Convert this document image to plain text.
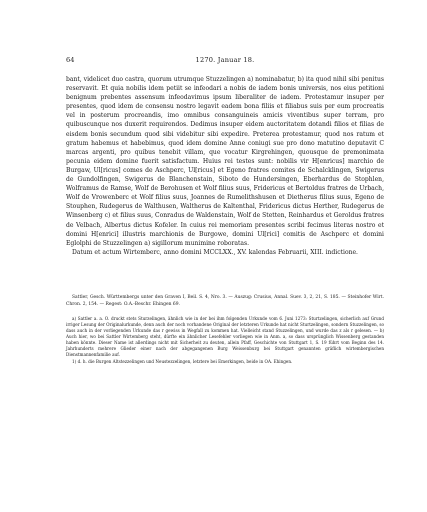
64	1270. Januar 18.

bant, videlicet duo castra, quorum utrumque Stuzzelingen a) nominabatur, b) ita quod nihil sibi penitus reservavit. Et quia nobilis idem petiit se infeodari a nobis de iadem bonis universis, nos eius petitioni benignum prebentes assensum infeodavimus ipsum liberaliter de iadem. Protestamur insuper per presentes, quod idem de consensu nostro legavit eadem bona filiis et filiabus suis per eum procreatis vel in posterum procreandis, imo omnibus consanguineis amicis viventibus super terram, pro quibuscunque nos duxerit requirendos. Dedimus insuper eidem auctoritatem dotandi filios et filias de eisdem bonis secundum quod sibi videbitur sibi expedire. Preterea protestamur, quod nos ratum et gratum habemus et habebimus, quod idem domine Anne coniugi sue pro dono matutino deputavit C marcas argenti, pro quibus tenebit villam, que vocatur Kirgrehingen, quousque de premonimata pecunia eidem domine fuerit satisfactum. Huius rei testes sunt: nobilis vir H[enricus] marchio de Burgaw, Ul[ricus] comes de Aschperc, Ul[ricus] et Egeno fratres comites de Schalcklingen, Swigerus de Gundolfingen, Swigerus de Blanchenstain, Siboto de Hundersingen, Eberhardus de Stophlen, Wolframus de Ramse, Wolf de Berohusen et Wolf filius suus, Fridericus et Bertoldus fratres de Urbach, Wolf de Vrowenberc et Wolf filius suus, Joannes de Rumelithshusen et Dietherus filius suus, Egeno de Stouphen, Rudegerus de Walthusen, Waltherus de Kaltenthal, Fridericus dictus Herther, Rudegerus de Winsenberg c) et filius suus, Conradus de Waldenstain, Wolf de Stetten, Reinhardus et Geroldus fratres de Velbach, Albertus dictus Kofeler. In cuius rei memoriam presentes scribi fecimus literas nostro et domini H[enrici] illustris marchionis de Burgowe, domini Ul[rici] comitis de Aschperc et domini Eglolphi de Stuzzelingen a) sigillorum munimine roboratas.

Datum et actum Wirtemberc, anno domini MCCLXX., XV. kalendas Februarii, XIII. indictione.

Sattler, Gesch. Württembergs unter den Graven I, Beil. S. 4, Nro. 3. — Auszug: Crusius, Annal. Suev. 3, 2, 21, S. 185. — Steinhofer Wirt. Chron. 2, 154. — Regest: O.A.-Beschr. Ehingen 69.

a) Sattler a. a. O. druckt stets Sturzelingen, ähnlich wie in der bei ihm folgenden Urkunde vom 6. Juni 1273: Sturtzelingen, sicherlich auf Grund irriger Lesung der Originalurkunde, denn auch der noch vorhandene Original der letzteren Urkunde hat nicht Sturtzelingen, sondern Stuzzelingen, so dass auch in der vorliegenden Urkunde das r gewiss in Wegfall zu kommen hat. Vielleicht stand Stuzzelingen, und wurde das z als r gelesen. — b) Auch hier, wo bei Sattler Wirtemberg steht, dürfte ein ähnlicher Lesefehler vorliegen wie in Anm. a, so dass ursprünglich Wissenberg gestanden haben könnte. Dieser Name ist allerdings nicht mit Sicherheit zu deuten, allein Pfaff, Geschichte von Stuttgart 1, S. 19 führt vom Beginn des 14. Jahrhunderts mehrere Glieder einer nach der abgegangenen Burg Weissenburg bei Stuttgart genannten gräflich wirtembergischen Dienstmannenfamilie auf.

1) d. h. die Burgen Altstezzelingen und Neustezzelingen, letztere bei Emerkingen, beide in OA. Ehingen.
